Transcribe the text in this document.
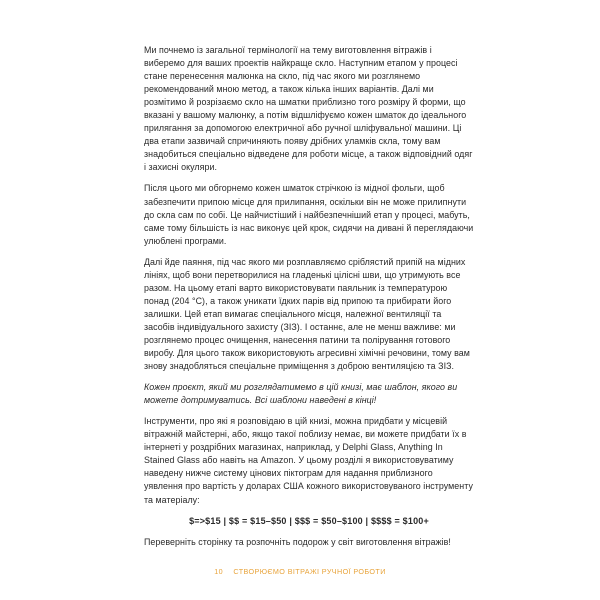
Ми почнемо із загальної термінології на тему виготовлення вітражів і виберемо для ваших проектів найкраще скло. Наступним етапом у процесі стане перенесення малюнка на скло, під час якого ми розглянемо рекомендований мною метод, а також кілька інших варіантів. Далі ми розмітимо й розрізаємо скло на шматки приблизно того розміру й форми, що вказані у вашому малюнку, а потім відшліфуємо кожен шматок до ідеального прилягання за допомогою електричної або ручної шліфувальної машини. Ці два етапи зазвичай спричиняють появу дрібних уламків скла, тому вам знадобиться спеціально відведене для роботи місце, а також відповідний одяг і захисні окуляри.

Після цього ми обгорнемо кожен шматок стрічкою із мідної фольги, щоб забезпечити припою місце для прилипання, оскільки він не може прилипнути до скла сам по собі. Це найчистіший і найбезпечніший етап у процесі, мабуть, саме тому більшість із нас виконує цей крок, сидячи на дивані й переглядаючи улюблені програми.

Далі йде паяння, під час якого ми розплавляємо сріблястий припій на мідних лініях, щоб вони перетворилися на гладенькі цілісні шви, що утримують все разом. На цьому етапі варто використовувати паяльник із температурою понад (204 °C), а також уникати їдких парів від припою та прибирати його залишки. Цей етап вимагає спеціального місця, належної вентиляції та засобів індивідуального захисту (ЗІЗ). І останнє, але не менш важливе: ми розглянемо процес очищення, нанесення патини та полірування готового виробу. Для цього також використовують агресивні хімічні речовини, тому вам знову знадобляться спеціальне приміщення з доброю вентиляцією та ЗІЗ.

Кожен проєкт, який ми розглядатимемо в цій книзі, має шаблон, якого ви можете дотримуватись. Всі шаблони наведені в кінці!

Інструменти, про які я розповідаю в цій книзі, можна придбати у місцевій вітражній майстерні, або, якщо такої поблизу немає, ви можете придбати їх в інтернеті у роздрібних магазинах, наприклад, у Delphi Glass, Anything In Stained Glass або навіть на Amazon. У цьому розділі я використовуватиму наведену нижче систему цінових піктограм для надання приблизного уявлення про вартість у доларах США кожного використовуваного інструменту та матеріалу:

$=>$15 | $$ = $15–$50 | $$$ = $50–$100 | $$$$ = $100+

Переверніть сторінку та розпочніть подорож у світ виготовлення вітражів!

10 СТВОРЮЄМО ВІТРАЖІ РУЧНОЇ РОБОТИ
